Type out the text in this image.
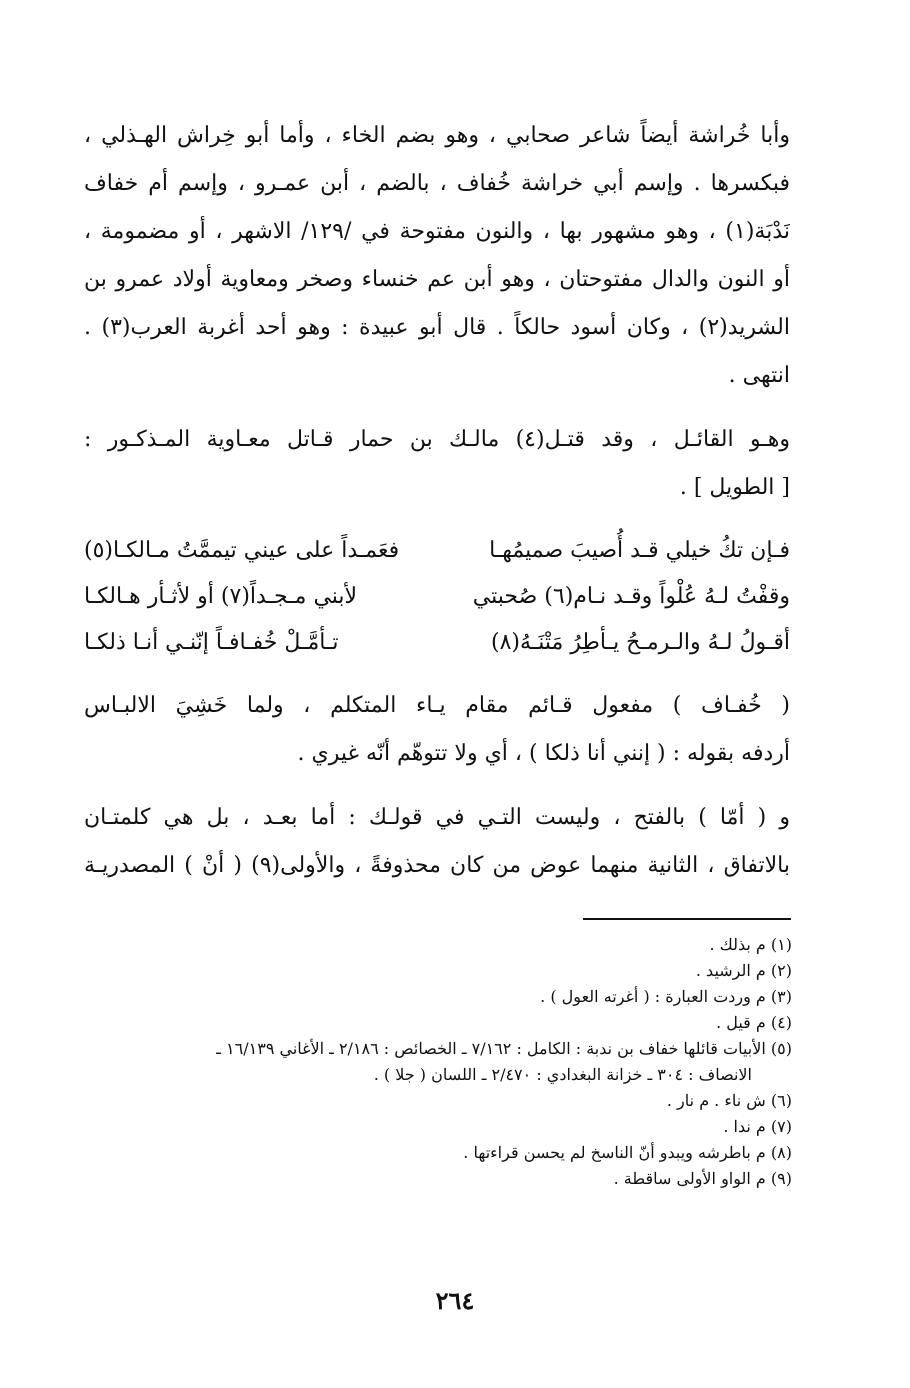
وأبا خُراشة أيضاً شاعر صحابي ، وهو بضم الخاء ، وأما أبو خِراش الهـذلي ،
فبكسرها . وإسم أبي خراشة خُفاف ، بالضم ، أبن عمـرو ، وإسم أم خفاف
نَدْبَة(١) ، وهو مشهور بها ، والنون مفتوحة في /١٢٩/ الاشهر ، أو مضمومة ،
أو النون والدال مفتوحتان ، وهو أبن عم خنساء وصخر ومعاوية أولاد عمرو بن
الشريد(٢) ، وكان أسود حالكاً . قال أبو عبيدة : وهو أحد أغربة العرب(٣) .
انتهى .
وهـو القائـل ، وقد قتـل(٤) مالـك بن حمار قـاتل معـاوية المـذكـور :
[ الطويل ] .
فـإن تكُ خيلي قـد أُصيبَ صميمُهـا
فعَمـداً على عيني تيممَّتُ مـالكـا(٥)
وقفْتُ لـهُ عُلْواً وقـد نـام(٦) صُحبتي
لأبني مـجـداً(٧) أو لأثـأر هـالكـا
أقـولُ لـهُ والـرمـحُ يـأطِرُ مَتْنَـهُ(٨)
تـأمَّـلْ خُفـافـاً إنّنـي أنـا ذلكـا
( خُفـاف ) مفعول قـائم مقام يـاء المتكلم ، ولما خَشِيَ الالبـاس
أردفه بقوله : ( إنني أنا ذلكا ) ، أي ولا تتوهّم أنّه غيري .
و ( أمّا ) بالفتح ، وليست التـي في قولـك : أما بعـد ، بل هي كلمتـان
بالاتفاق ، الثانية منهما عوض من كان محذوفةً ، والأولى(٩) ( أنْ ) المصدريـة
(١) م بذلك .
(٢) م الرشيد .
(٣) م وردت العبارة : ( أغرته العول ) .
(٤) م قيل .
(٥) الأبيات قائلها خفاف بن ندبة : الكامل : ٧/١٦٢ ـ الخصائص : ٢/١٨٦ ـ الأغاني ١٦/١٣٩ ـ
الانصاف : ٣٠٤ ـ خزانة البغدادي : ٢/٤٧٠ ـ اللسان ( جلا ) .
(٦) ش ناء . م نار .
(٧) م ندا .
(٨) م باطرشه ويبدو أنّ الناسخ لم يحسن قراءتها .
(٩) م الواو الأولى ساقطة .
٢٦٤
